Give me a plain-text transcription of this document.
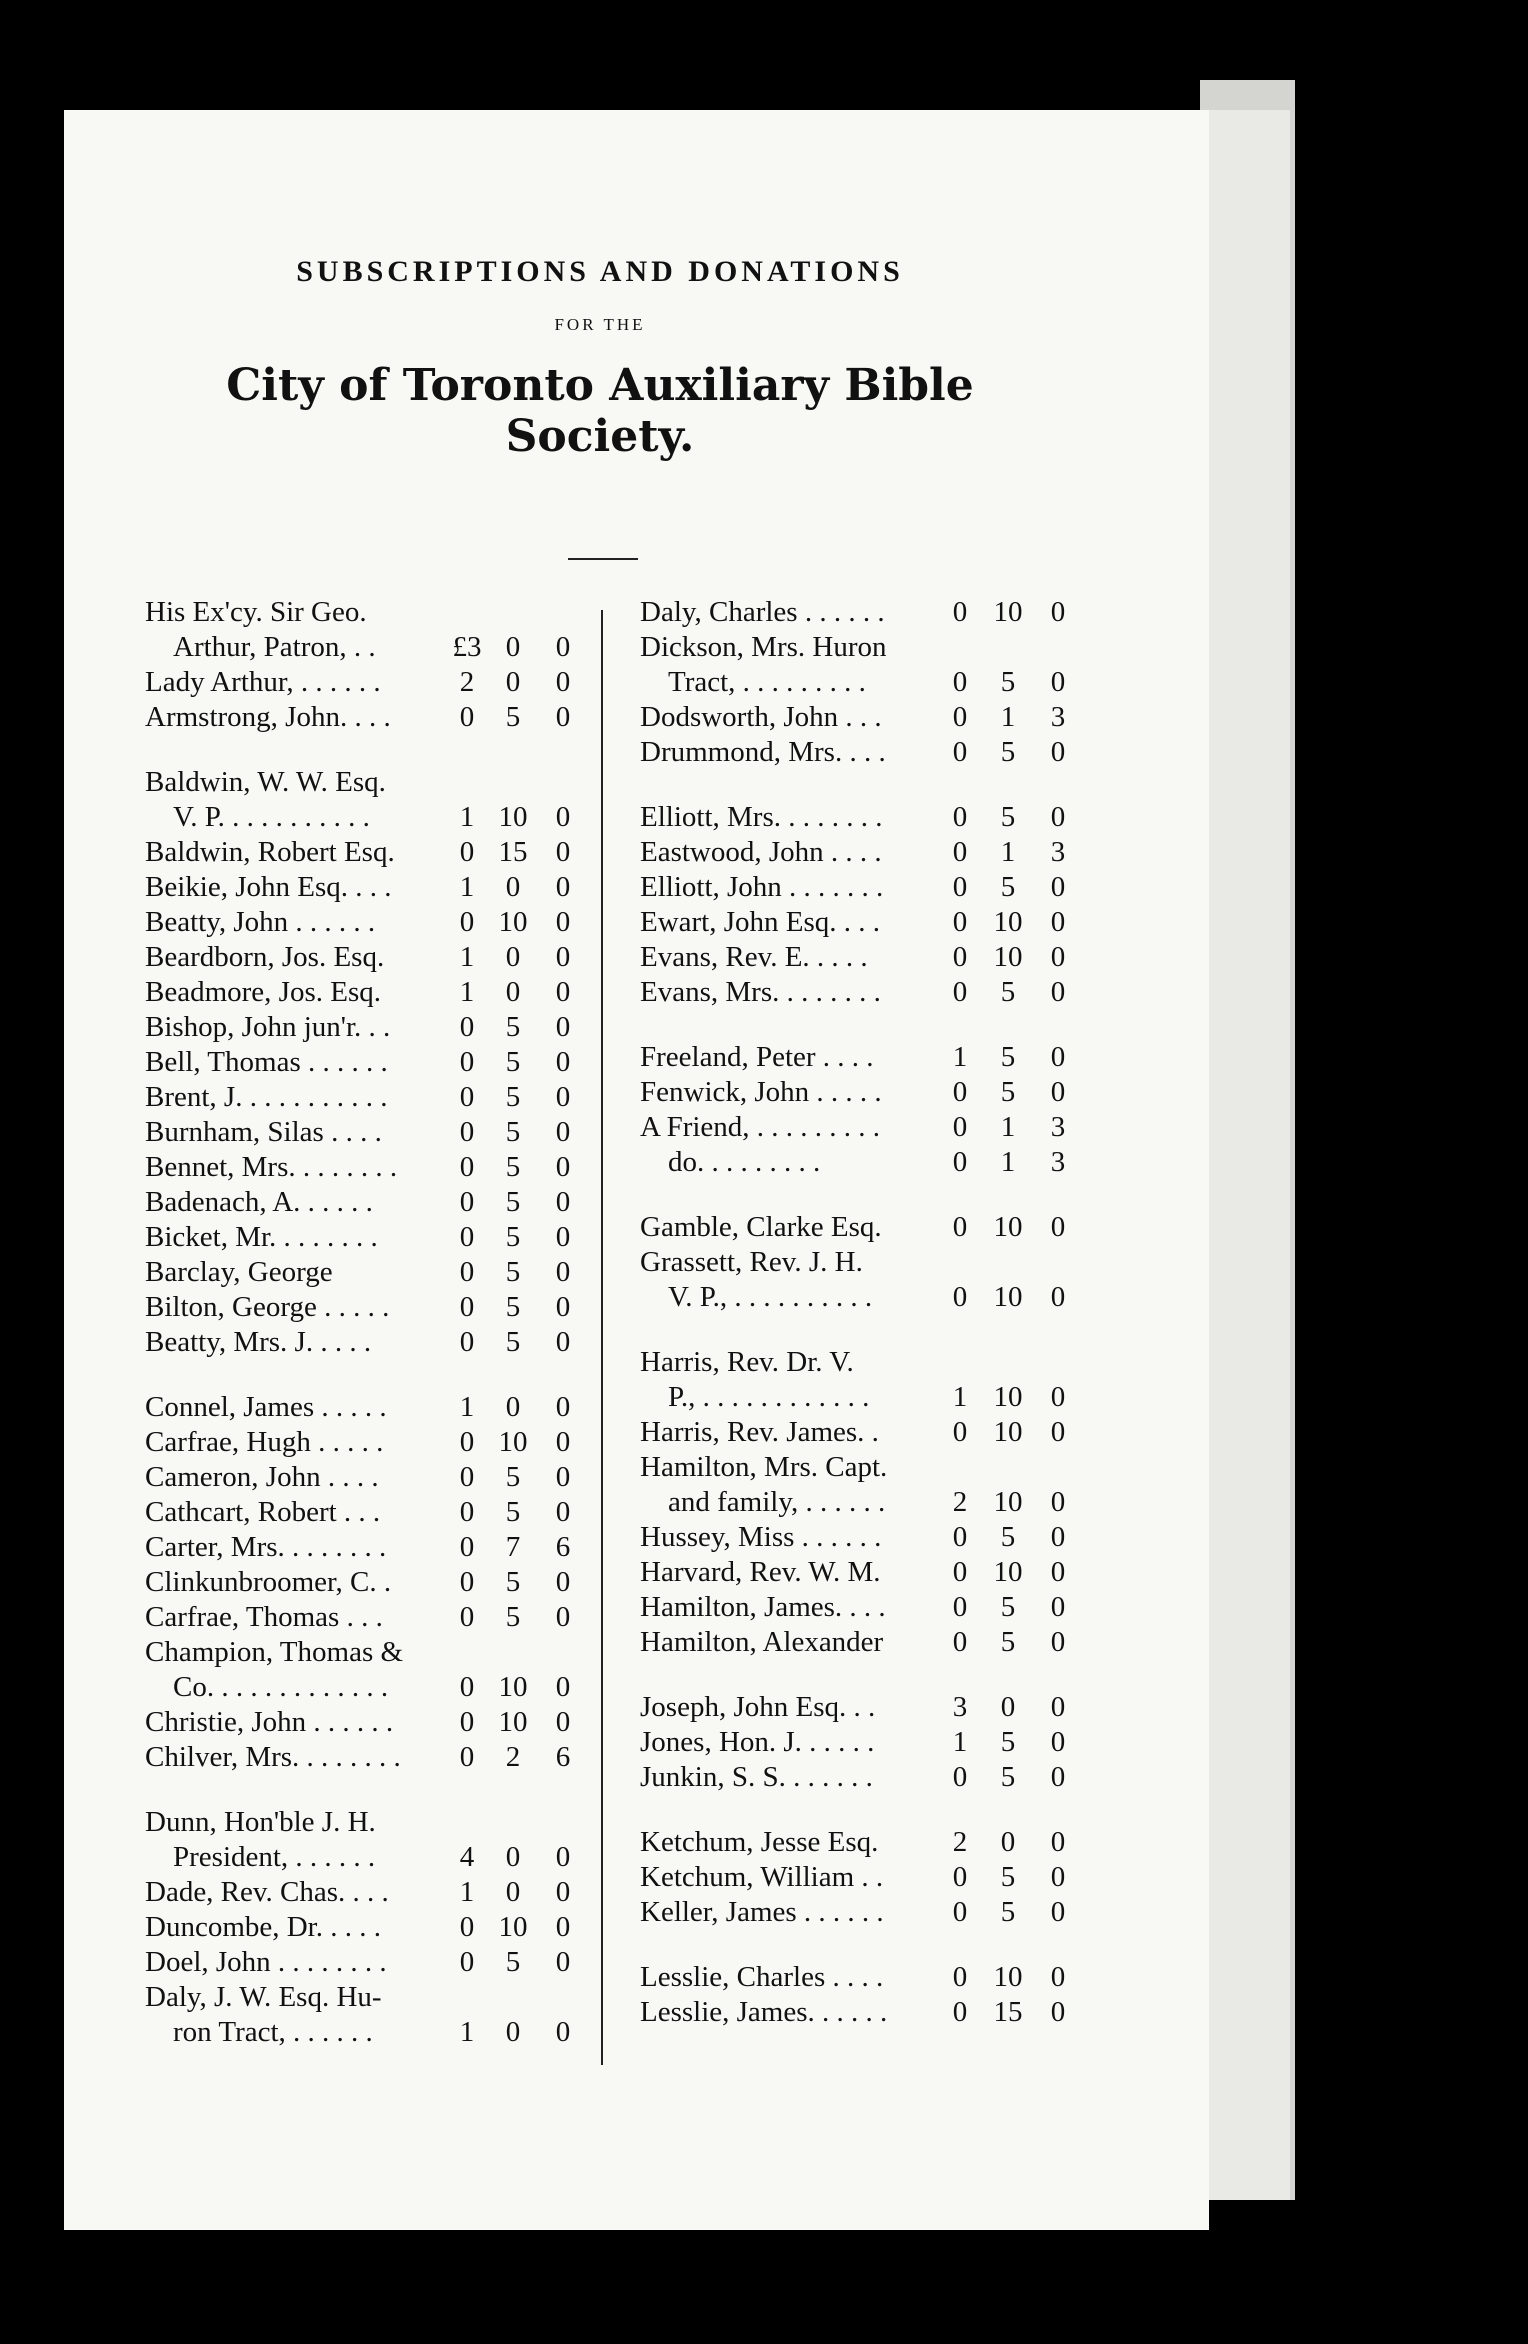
SUBSCRIPTIONS AND DONATIONS
FOR THE
City of Toronto Auxiliary Bible Society.
His Ex'cy. Sir Geo.
Arthur, Patron, . .	£3 0	0
Lady Arthur, . . . . . .	2	0	0
Armstrong, John. . . .	0	5	0
Baldwin, W. W. Esq.
V. P. . . . . . . . . . .	1 10 0
Baldwin, Robert Esq.	0 15 0
Beikie, John Esq. . . .	1	0	0
Beatty, John . . . . . .	0 10 0
Beardborn, Jos. Esq.	1	0	0
Beadmore, Jos. Esq.	1	0	0
Bishop, John jun'r. . .	0	5	0
Bell, Thomas . . . . . .	0	5	0
Brent, J. . . . . . . . . . .	0	5	0
Burnham, Silas . . . .	0	5	0
Bennet, Mrs. . . . . . . .	0	5	0
Badenach, A. . . . . .	0	5	0
Bicket, Mr. . . . . . . .	0	5	0
Barclay, George	0	5	0
Bilton, George . . . . .	0	5	0
Beatty, Mrs. J. . . . .	0	5	0
Connel, James . . . . .	1	0	0
Carfrae, Hugh . . . . .	0 10 0
Cameron, John . . . .	0	5	0
Cathcart, Robert . . .	0	5	0
Carter, Mrs. . . . . . . .	0	7	6
Clinkunbroomer, C. .	0	5	0
Carfrae, Thomas . . .	0	5	0
Champion, Thomas &
Co. . . . . . . . . . . . .	0 10 0
Christie, John . . . . . .	0 10 0
Chilver, Mrs. . . . . . . .	0	2	6
Dunn, Hon'ble J. H.
President, . . . . . .	4	0	0
Dade, Rev. Chas. . . .	1	0	0
Duncombe, Dr. . . . .	0 10 0
Doel, John . . . . . . . .	0	5	0
Daly, J. W. Esq. Hu-
ron Tract, . . . . . .	1	0	0
Daly, Charles . . . . . .	0 10 0
Dickson, Mrs. Huron
Tract, . . . . . . . . .	0	5	0
Dodsworth, John . . .	0	1	3
Drummond, Mrs. . . .	0	5	0
Elliott, Mrs. . . . . . . .	0	5	0
Eastwood, John . . . .	0	1	3
Elliott, John . . . . . . .	0	5	0
Ewart, John Esq. . . .	0 10 0
Evans, Rev. E. . . . .	0 10 0
Evans, Mrs. . . . . . . .	0	5	0
Freeland, Peter . . . .	1	5	0
Fenwick, John . . . . .	0	5	0
A Friend, . . . . . . . . .	0	1	3
do. . . . . . . . .	0	1	3
Gamble, Clarke Esq.	0 10 0
Grassett, Rev. J. H.
V. P., . . . . . . . . . .	0 10 0
Harris, Rev. Dr. V.
P., . . . . . . . . . . . .	1 10 0
Harris, Rev. James. .	0 10 0
Hamilton, Mrs. Capt.
and family, . . . . . .	2 10 0
Hussey, Miss . . . . . .	0	5	0
Harvard, Rev. W. M.	0 10 0
Hamilton, James. . . .	0	5	0
Hamilton, Alexander	0	5	0
Joseph, John Esq. . .	3	0	0
Jones, Hon. J. . . . . .	1	5	0
Junkin, S. S. . . . . . .	0	5	0
Ketchum, Jesse Esq.	2	0	0
Ketchum, William . .	0	5	0
Keller, James . . . . . .	0	5	0
Lesslie, Charles . . . .	0 10 0
Lesslie, James. . . . . .	0 15 0
